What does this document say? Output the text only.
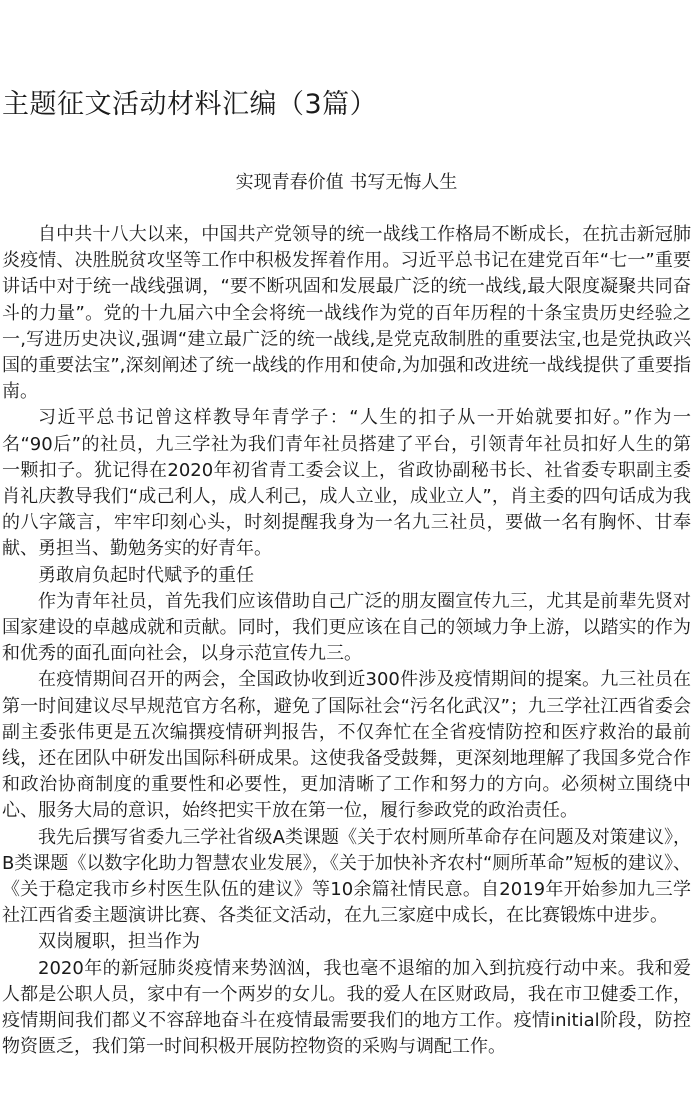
主题征文活动材料汇编（3篇）
实现青春价值 书写无悔人生

自中共十八大以来，中国共产党领导的统一战线工作格局不断成长，在抗击新冠肺炎疫情、决胜脱贫攻坚等工作中积极发挥着作用。习近平总书记在建党百年“七一”重要讲话中对于统一战线强调，“要不断巩固和发展最广泛的统一战线,最大限度凝聚共同奋斗的力量”。党的十九届六中全会将统一战线作为党的百年历程的十条宝贵历史经验之一,写进历史决议,强调“建立最广泛的统一战线,是党克敌制胜的重要法宝,也是党执政兴国的重要法宝”,深刻阐述了统一战线的作用和使命,为加强和改进统一战线提供了重要指南。

习近平总书记曾这样教导年青学子：“人生的扣子从一开始就要扣好。”作为一名“90后”的社员，九三学社为我们青年社员搭建了平台，引领青年社员扣好人生的第一颗扣子。犹记得在2020年初省青工委会议上，省政协副秘书长、社省委专职副主委肖礼庆教导我们“成己利人，成人利己，成人立业，成业立人”，肖主委的四句话成为我的八字箴言，牢牢印刻心头，时刻提醒我身为一名九三社员，要做一名有胸怀、甘奉献、勇担当、勤勉务实的好青年。

勇敢肩负起时代赋予的重任

作为青年社员，首先我们应该借助自己广泛的朋友圈宣传九三，尤其是前辈先贤对国家建设的卓越成就和贡献。同时，我们更应该在自己的领域力争上游，以踏实的作为和优秀的面孔面向社会，以身示范宣传九三。

在疫情期间召开的两会，全国政协收到近300件涉及疫情期间的提案。九三社员在第一时间建议尽早规范官方名称，避免了国际社会“污名化武汉”；九三学社江西省委会副主委张伟更是五次编撰疫情研判报告，不仅奔忙在全省疫情防控和医疗救治的最前线，还在团队中研发出国际科研成果。这使我备受鼓舞，更深刻地理解了我国多党合作和政治协商制度的重要性和必要性，更加清晰了工作和努力的方向。必须树立围绕中心、服务大局的意识，始终把实干放在第一位，履行参政党的政治责任。

我先后撰写省委九三学社省级A类课题《关于农村厕所革命存在问题及对策建议》，B类课题《以数字化助力智慧农业发展》，《关于加快补齐农村“厕所革命”短板的建议》、《关于稳定我市乡村医生队伍的建议》等10余篇社情民意。自2019年开始参加九三学社江西省委主题演讲比赛、各类征文活动，在九三家庭中成长，在比赛锻炼中进步。

双岗履职，担当作为

2020年的新冠肺炎疫情来势汹汹，我也毫不退缩的加入到抗疫行动中来。我和爱人都是公职人员，家中有一个两岁的女儿。我的爱人在区财政局，我在市卫健委工作，疫情期间我们都义不容辞地奋斗在疫情最需要我们的地方工作。疫情initial阶段，防控物资匮乏，我们第一时间积极开展防控物资的采购与调配工作。
